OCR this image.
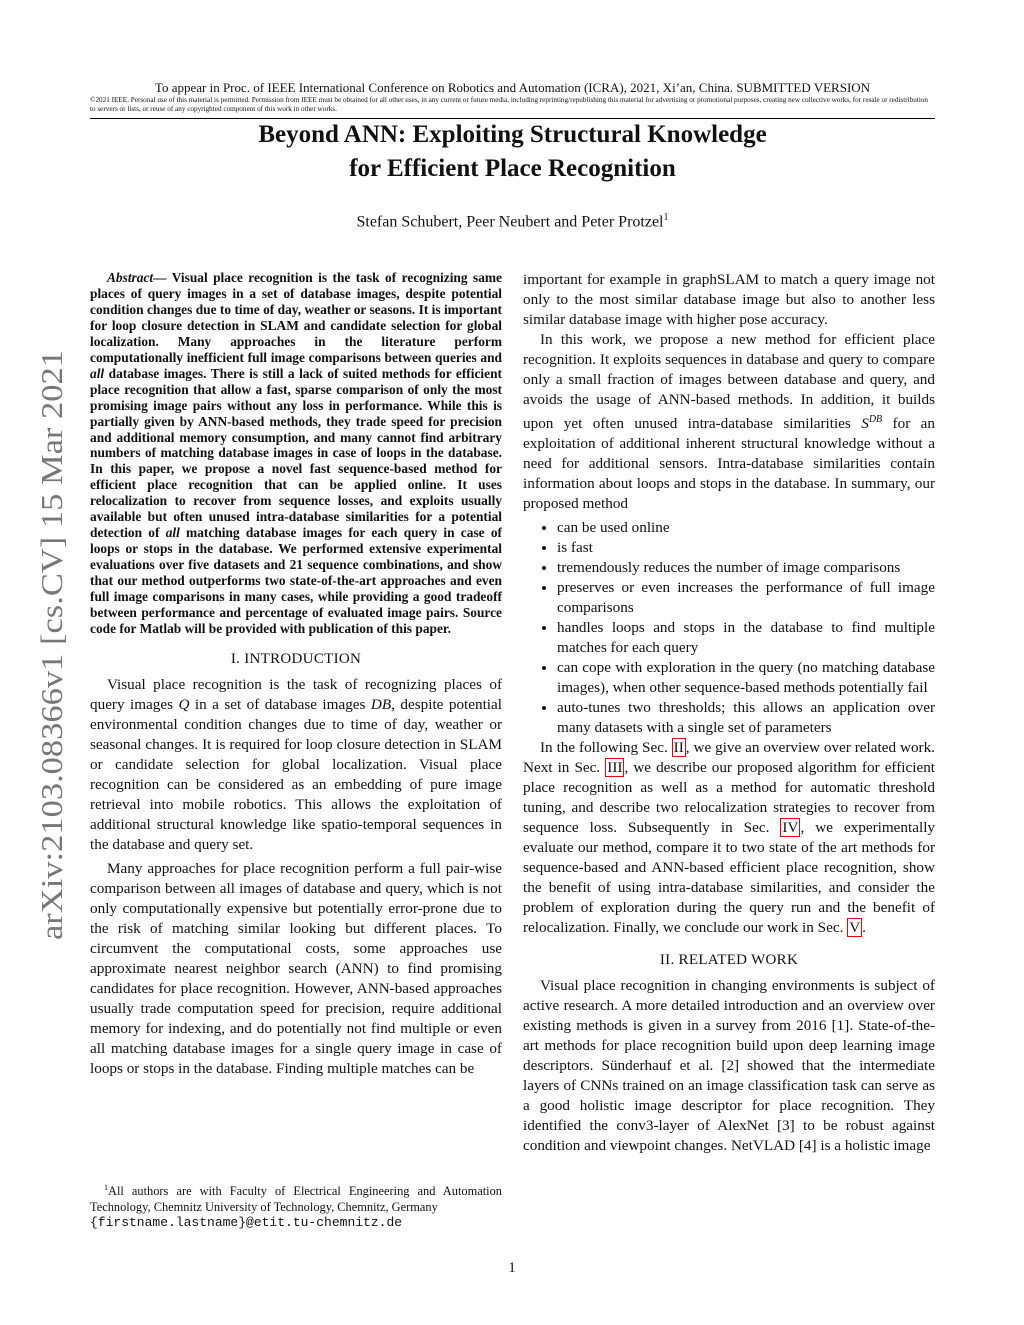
To appear in Proc. of IEEE International Conference on Robotics and Automation (ICRA), 2021, Xi’an, China. SUBMITTED VERSION
©2021 IEEE. Personal use of this material is permitted. Permission from IEEE must be obtained for all other uses, in any current or future media, including reprinting/republishing this material for advertising or promotional purposes, creating new collective works, for resale or redistribution to servers or lists, or reuse of any copyrighted component of this work in other works.
Beyond ANN: Exploiting Structural Knowledge
for Efficient Place Recognition
Stefan Schubert, Peer Neubert and Peter Protzel$^1$
arXiv:2103.08366v1 [cs.CV] 15 Mar 2021

Abstract— Visual place recognition is the task of recognizing same places of query images in a set of database images, despite potential condition changes due to time of day, weather or seasons. It is important for loop closure detection in SLAM and candidate selection for global localization. Many approaches in the literature perform computationally inefficient full image comparisons between queries and all database images. There is still a lack of suited methods for efficient place recognition that allow a fast, sparse comparison of only the most promising image pairs without any loss in performance. While this is partially given by ANN-based methods, they trade speed for precision and additional memory consumption, and many cannot find arbitrary numbers of matching database images in case of loops in the database. In this paper, we propose a novel fast sequence-based method for efficient place recognition that can be applied online. It uses relocalization to recover from sequence losses, and exploits usually available but often unused intra-database similarities for a potential detection of all matching database images for each query in case of loops or stops in the database. We performed extensive experimental evaluations over five datasets and 21 sequence combinations, and show that our method outperforms two state-of-the-art approaches and even full image comparisons in many cases, while providing a good tradeoff between performance and percentage of evaluated image pairs. Source code for Matlab will be provided with publication of this paper.

I. INTRODUCTION

Visual place recognition is the task of recognizing places of query images Q in a set of database images DB, despite potential environmental condition changes due to time of day, weather or seasonal changes. It is required for loop closure detection in SLAM or candidate selection for global localization. Visual place recognition can be considered as an embedding of pure image retrieval into mobile robotics. This allows the exploitation of additional structural knowledge like spatio-temporal sequences in the database and query set.

Many approaches for place recognition perform a full pair-wise comparison between all images of database and query, which is not only computationally expensive but potentially error-prone due to the risk of matching similar looking but different places. To circumvent the computational costs, some approaches use approximate nearest neighbor search (ANN) to find promising candidates for place recognition. However, ANN-based approaches usually trade computation speed for precision, require additional memory for indexing, and do potentially not find multiple or even all matching database images for a single query image in case of loops or stops in the database. Finding multiple matches can be

$^1$All authors are with Faculty of Electrical Engineering and Automation Technology, Chemnitz University of Technology, Chemnitz, Germany
{firstname.lastname}@etit.tu-chemnitz.de

important for example in graphSLAM to match a query image not only to the most similar database image but also to another less similar database image with higher pose accuracy.

In this work, we propose a new method for efficient place recognition. It exploits sequences in database and query to compare only a small fraction of images between database and query, and avoids the usage of ANN-based methods. In addition, it builds upon yet often unused intra-database similarities $S^{DB}$ for an exploitation of additional inherent structural knowledge without a need for additional sensors. Intra-database similarities contain information about loops and stops in the database. In summary, our proposed method

• can be used online
• is fast
• tremendously reduces the number of image comparisons
• preserves or even increases the performance of full image comparisons
• handles loops and stops in the database to find multiple matches for each query
• can cope with exploration in the query (no matching database images), when other sequence-based methods potentially fail
• auto-tunes two thresholds; this allows an application over many datasets with a single set of parameters

In the following Sec. II , we give an overview over related work. Next in Sec. III , we describe our proposed algorithm for efficient place recognition as well as a method for automatic threshold tuning, and describe two relocalization strategies to recover from sequence loss. Subsequently in Sec. IV , we experimentally evaluate our method, compare it to two state of the art methods for sequence-based and ANN-based efficient place recognition, show the benefit of using intra-database similarities, and consider the problem of exploration during the query run and the benefit of relocalization. Finally, we conclude our work in Sec. V .

II. RELATED WORK

Visual place recognition in changing environments is subject of active research. A more detailed introduction and an overview over existing methods is given in a survey from 2016 [1]. State-of-the-art methods for place recognition build upon deep learning image descriptors. Sünderhauf et al. [2] showed that the intermediate layers of CNNs trained on an image classification task can serve as a good holistic image descriptor for place recognition. They identified the conv3-layer of AlexNet [3] to be robust against condition and viewpoint changes. NetVLAD [4] is a holistic image

1
